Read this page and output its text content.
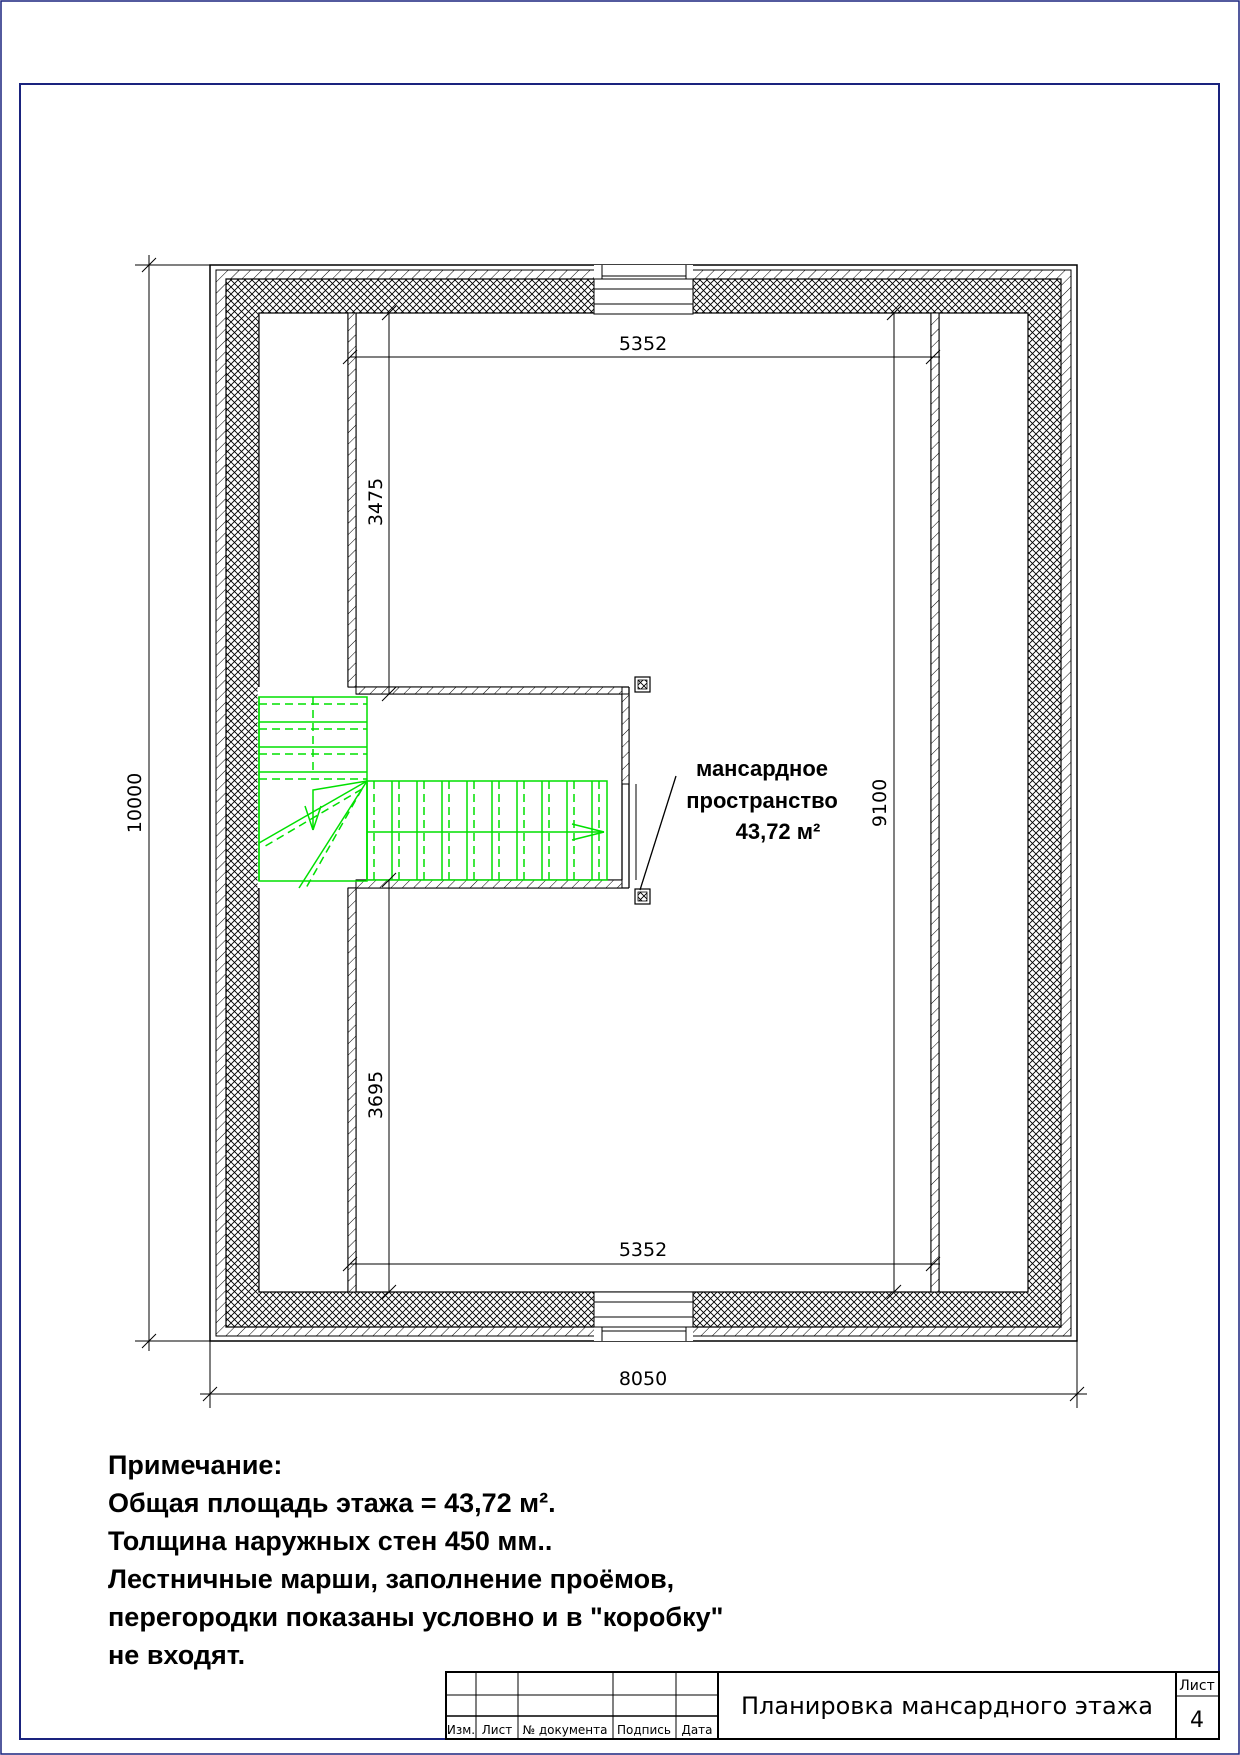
8050
10000
5352
5352
9100
3475
3695
мансардное
пространство
43,72 м²
Изм. Лист № документа Подпись Дата
Планировка мансардного этажа
Лист
4
Примечание:
Общая площадь этажа = 43,72 м².
Толщина наружных стен 450 мм..
Лестничные марши, заполнение проёмов,
перегородки показаны условно и в "коробку"
не входят.
